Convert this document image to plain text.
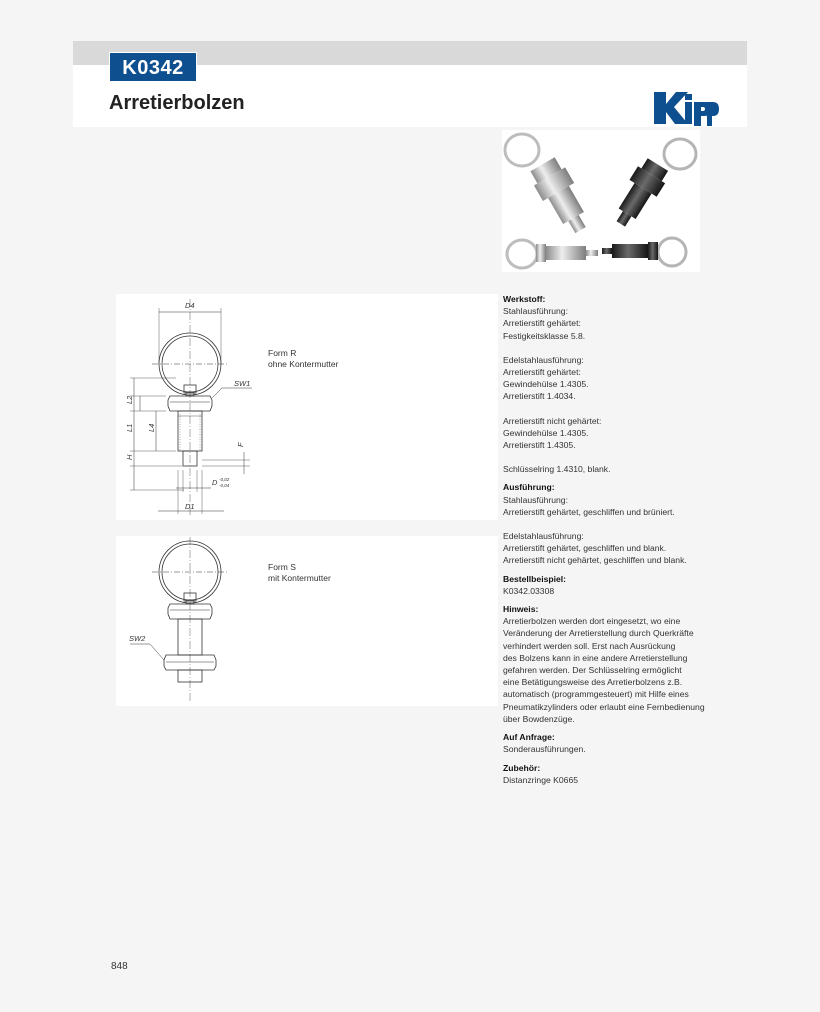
K0342
Arretierbolzen
D4
SW1
L2
L1 L4
H
F
D -0,02
-0,04
D1
Form R
ohne Kontermutter
SW2
Form S
mit Kontermutter
Werkstoff:
Stahlausführung:
Arretierstift gehärtet:
Festigkeitsklasse 5.8.
Edelstahlausführung:
Arretierstift gehärtet:
Gewindehülse 1.4305.
Arretierstift 1.4034.
Arretierstift nicht gehärtet:
Gewindehülse 1.4305.
Arretierstift 1.4305.
Schlüsselring 1.4310, blank.
Ausführung:
Stahlausführung:
Arretierstift gehärtet, geschliffen und brüniert.
Edelstahlausführung:
Arretierstift gehärtet, geschliffen und blank.
Arretierstift nicht gehärtet, geschliffen und blank.
Bestellbeispiel:
K0342.03308
Hinweis:
Arretierbolzen werden dort eingesetzt, wo eine
Veränderung der Arretierstellung durch Querkräfte
verhindert werden soll. Erst nach Ausrückung
des Bolzens kann in eine andere Arretierstellung
gefahren werden. Der Schlüsselring ermöglicht
eine Betätigungsweise des Arretierbolzens z.B.
automatisch (programmgesteuert) mit Hilfe eines
Pneumatikzylinders oder erlaubt eine Fernbedienung
über Bowdenzüge.
Auf Anfrage:
Sonderausführungen.
Zubehör:
Distanzringe K0665
848
